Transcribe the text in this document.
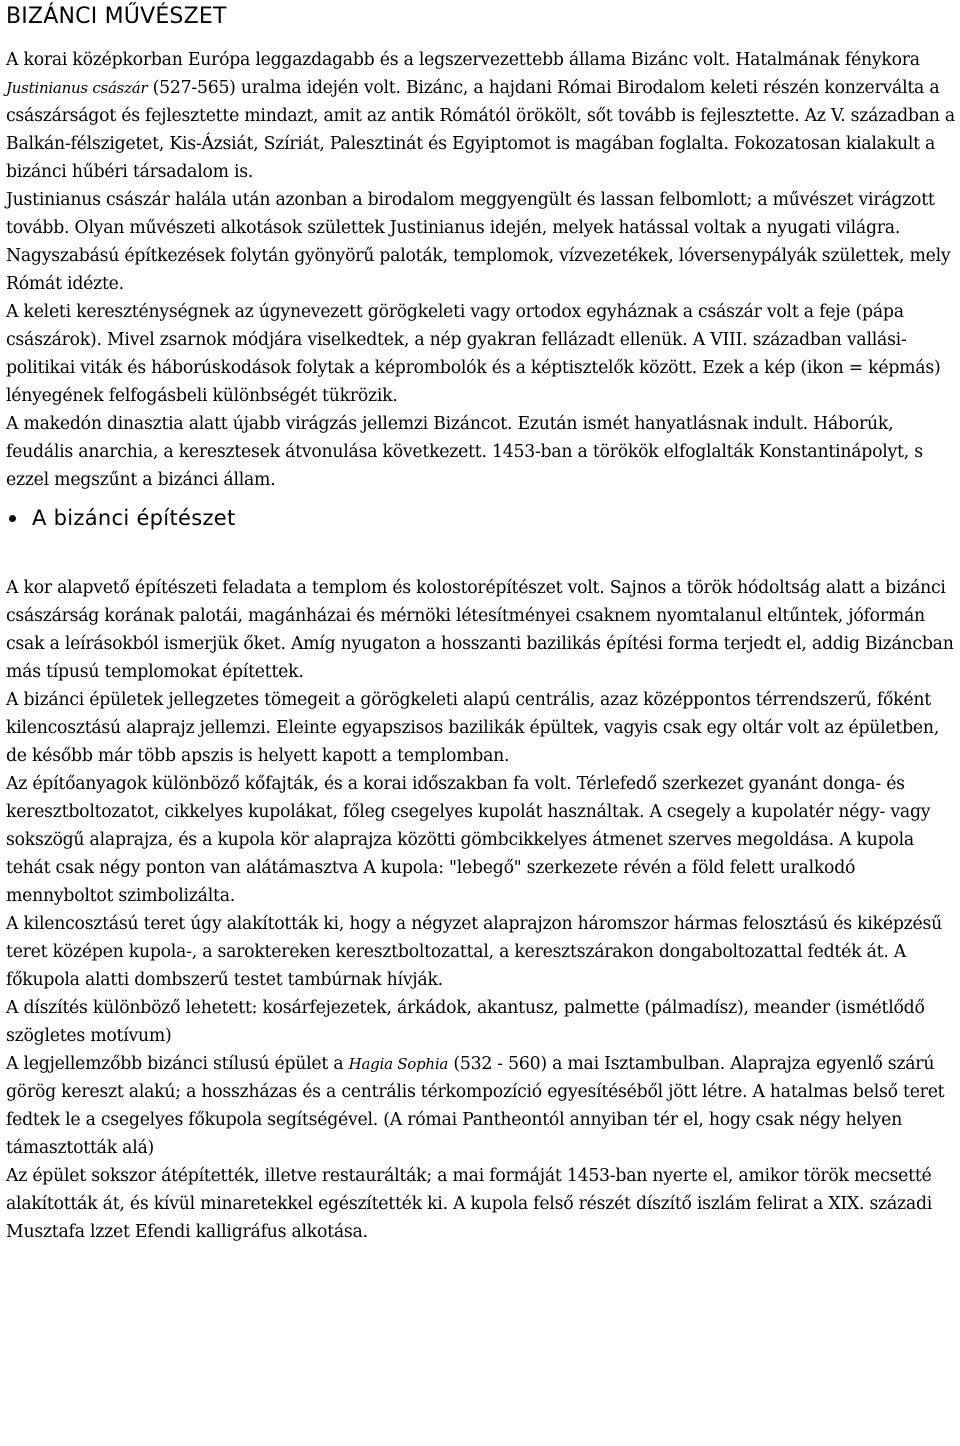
BIZÁNCI MŰVÉSZET

A korai középkorban Európa leggazdagabb és a legszervezettebb állama Bizánc volt. Hatalmának fénykora Justinianus császár (527-565) uralma idején volt. Bizánc, a hajdani Római Birodalom keleti részén konzerválta a császárságot és fejlesztette mindazt, amit az antik Rómától örökölt, sőt tovább is fejlesztette. Az V. században a Balkán-félszigetet, Kis-Ázsiát, Szíriát, Palesztinát és Egyiptomot is magában foglalta. Fokozatosan kialakult a bizánci hűbéri társadalom is.

Justinianus császár halála után azonban a birodalom meggyengült és lassan felbomlott; a művészet virágzott tovább. Olyan művészeti alkotások születtek Justinianus idején, melyek hatással voltak a nyugati világra. Nagyszabású építkezések folytán gyönyörű paloták, templomok, vízvezetékek, lóversenypályák születtek, mely Rómát idézte.

A keleti kereszténységnek az úgynevezett görögkeleti vagy ortodox egyháznak a császár volt a feje (pápa császárok). Mivel zsarnok módjára viselkedtek, a nép gyakran fellázadt ellenük. A VIII. században vallási-politikai viták és háborúskodások folytak a képrombolók és a képtisztelők között. Ezek a kép (ikon = képmás) lényegének felfogásbeli különbségét tükrözik.

A makedón dinasztia alatt újabb virágzás jellemzi Bizáncot. Ezután ismét hanyatlásnak indult. Háborúk, feudális anarchia, a keresztesek átvonulása következett. 1453-ban a törökök elfoglalták Konstantinápolyt, s ezzel megszűnt a bizánci állam.

A bizánci építészet

A kor alapvető építészeti feladata a templom és kolostorépítészet volt. Sajnos a török hódoltság alatt a bizánci császárság korának palotái, magánházai és mérnöki létesítményei csaknem nyomtalanul eltűntek, jóformán csak a leírásokból ismerjük őket. Amíg nyugaton a hosszanti bazilikás építési forma terjedt el, addig Bizáncban más típusú templomokat építettek.

A bizánci épületek jellegzetes tömegeit a görögkeleti alapú centrális, azaz középpontos térrendszerű, főként kilencosztású alaprajz jellemzi. Eleinte egyapszisos bazilikák épültek, vagyis csak egy oltár volt az épületben, de később már több apszis is helyett kapott a templomban.

Az építőanyagok különböző kőfajták, és a korai időszakban fa volt. Térlefedő szerkezet gyanánt donga- és keresztboltozatot, cikkelyes kupolákat, főleg csegelyes kupolát használtak. A csegely a kupolatér négy- vagy sokszögű alaprajza, és a kupola kör alaprajza közötti gömbcikkelyes átmenet szerves megoldása. A kupola tehát csak négy ponton van alátámasztva A kupola: "lebegő" szerkezete révén a föld felett uralkodó mennyboltot szimbolizálta.

A kilencosztású teret úgy alakították ki, hogy a négyzet alaprajzon háromszor hármas felosztású és kiképzésű teret középen kupola-, a saroktereken keresztboltozattal, a keresztszárakon dongaboltozattal fedték át. A főkupola alatti dombszerű testet tambúrnak hívják.

A díszítés különböző lehetett: kosárfejezetek, árkádok, akantusz, palmette (pálmadísz), meander (ismétlődő szögletes motívum)

A legjellemzőbb bizánci stílusú épület a Hagia Sophia (532 - 560) a mai Isztambulban. Alaprajza egyenlő szárú görög kereszt alakú; a hosszházas és a centrális térkompozíció egyesítéséből jött létre. A hatalmas belső teret fedtek le a csegelyes főkupola segítségével. (A római Pantheontól annyiban tér el, hogy csak négy helyen támasztották alá)

Az épület sokszor átépítették, illetve restaurálták; a mai formáját 1453-ban nyerte el, amikor török mecsetté alakították át, és kívül minaretekkel egészítették ki. A kupola felső részét díszítő iszlám felirat a XIX. századi Musztafa lzzet Efendi kalligráfus alkotása.
